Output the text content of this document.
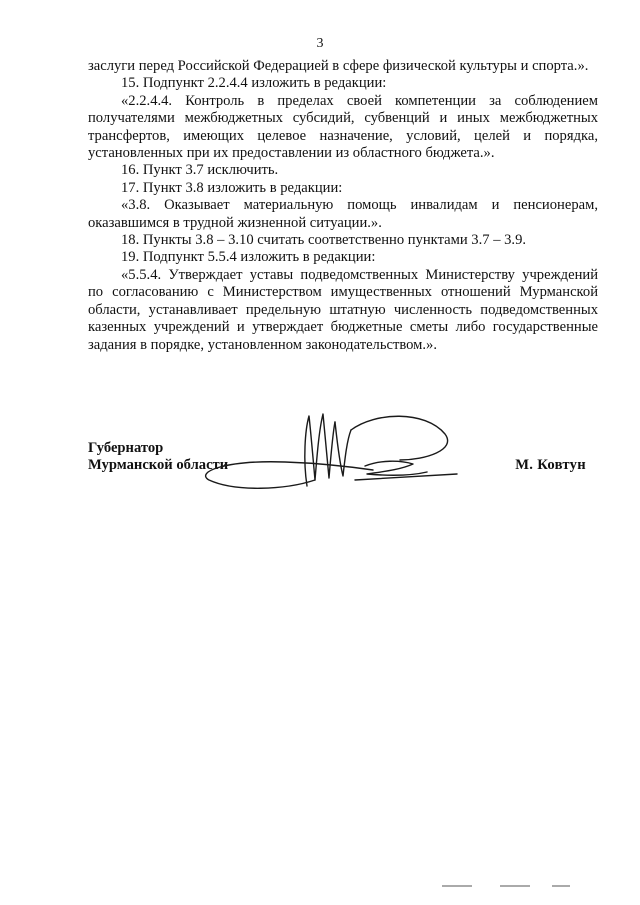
3

заслуги перед Российской Федерацией в сфере физической культуры и спорта.».

15. Подпункт 2.2.4.4 изложить в редакции:

«2.2.4.4. Контроль в пределах своей компетенции за соблюдением получателями межбюджетных субсидий, субвенций и иных межбюджетных трансфертов, имеющих целевое назначение, условий, целей и порядка, установленных при их предоставлении из областного бюджета.».

16. Пункт 3.7 исключить.

17. Пункт 3.8 изложить в редакции:

«3.8. Оказывает материальную помощь инвалидам и пенсионерам, оказавшимся в трудной жизненной ситуации.».

18. Пункты 3.8 – 3.10 считать соответственно пунктами 3.7 – 3.9.

19. Подпункт 5.5.4 изложить в редакции:

«5.5.4. Утверждает уставы подведомственных Министерству учреждений по согласованию с Министерством имущественных отношений Мурманской области, устанавливает предельную штатную численность подведомственных казенных учреждений и утверждает бюджетные сметы либо государственные задания в порядке, установленном законодательством.».

Губернатор
Мурманской области	М. Ковтун
